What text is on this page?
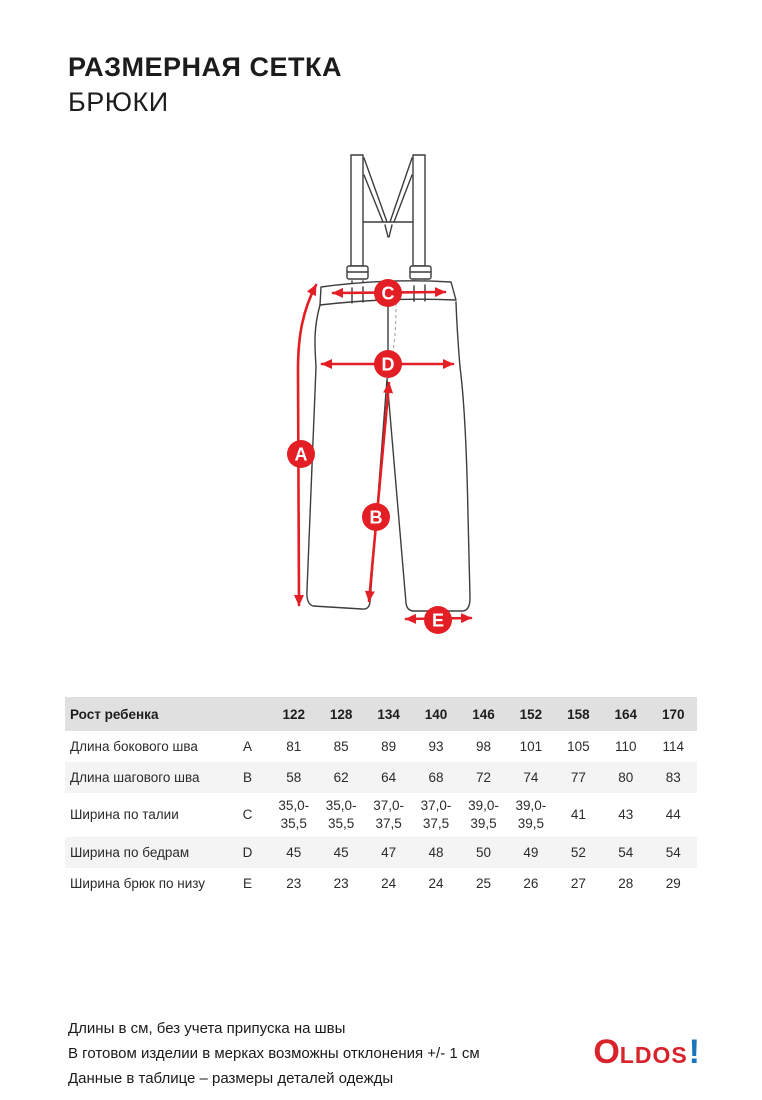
РАЗМЕРНАЯ СЕТКА
БРЮКИ
A
B
C
D
E
Рост ребенка		122	128	134	140	146	152	158	164	170
Длина бокового шва	A	81	85	89	93	98	101	105	110	114
Длина шагового шва	B	58	62	64	68	72	74	77	80	83
Ширина по талии	C	35,0-35,5	35,0-35,5	37,0-37,5	37,0-37,5	39,0-39,5	39,0-39,5	41	43	44
Ширина по бедрам	D	45	45	47	48	50	49	52	54	54
Ширина брюк по низу	E	23	23	24	24	25	26	27	28	29

Длины в см, без учета припуска на швы

В готовом изделии в мерках возможны отклонения +/- 1 см

Данные в таблице – размеры деталей одежды

OLDOS!
